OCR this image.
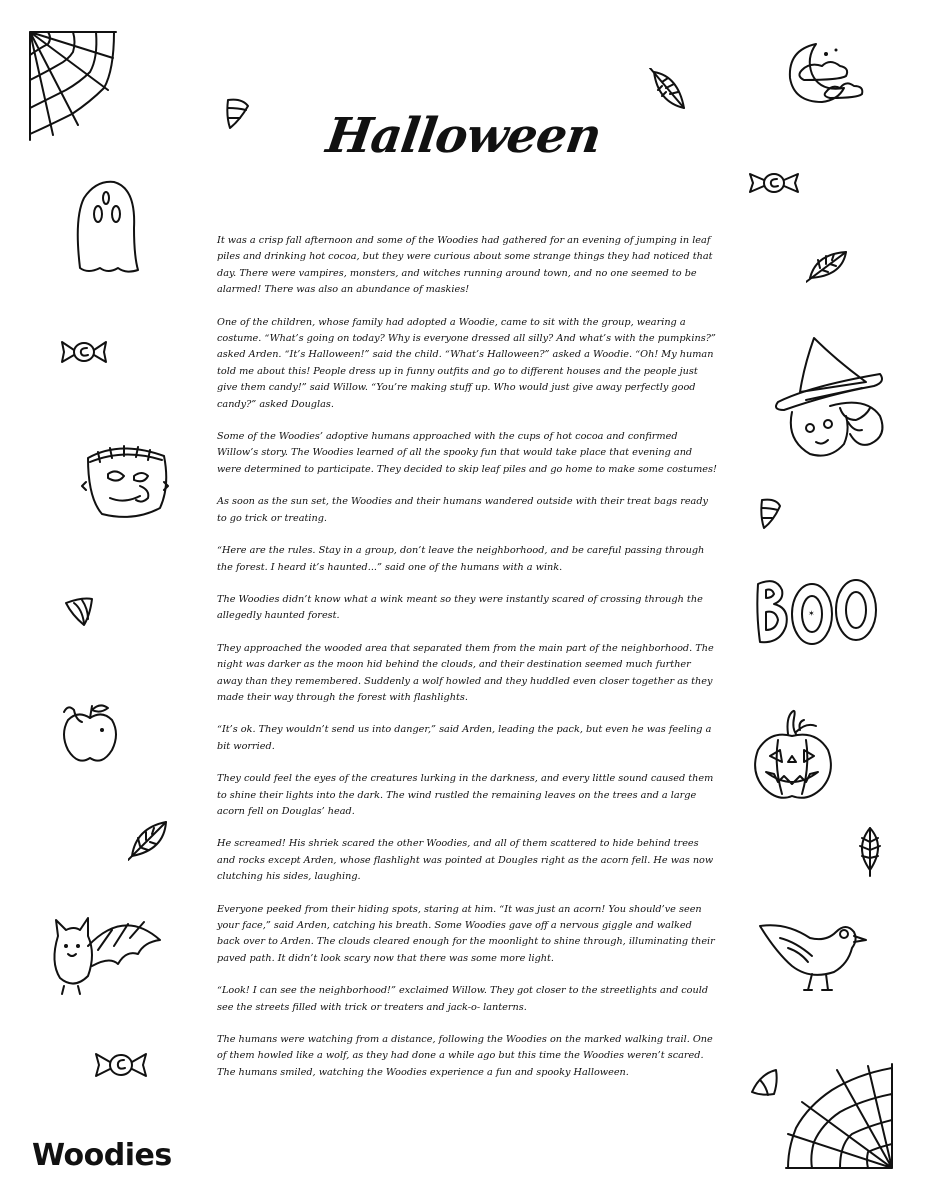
Halloween

It was a crisp fall afternoon and some of the Woodies had gathered for an evening of jumping in leaf piles and drinking hot cocoa, but they were curious about some strange things they had noticed that day. There were vampires, monsters, and witches running around town, and no one seemed to be alarmed! There was also an abundance of maskies!

One of the children, whose family had adopted a Woodie, came to sit with the group, wearing a costume. “What’s going on today? Why is everyone dressed all silly? And what’s with the pumpkins?” asked Arden. “It’s Halloween!” said the child. “What’s Halloween?” asked a Woodie. “Oh! My human told me about this! People dress up in funny outfits and go to different houses and the people just give them candy!” said Willow. “You’re making stuff up. Who would just give away perfectly good candy?” asked Douglas.

Some of the Woodies’ adoptive humans approached with the cups of hot cocoa and confirmed Willow’s story. The Woodies learned of all the spooky fun that would take place that evening and were determined to participate. They decided to skip leaf piles and go home to make some costumes!

As soon as the sun set, the Woodies and their humans wandered outside with their treat bags ready to go trick or treating.

“Here are the rules. Stay in a group, don’t leave the neighborhood, and be careful passing through the forest. I heard it’s haunted...” said one of the humans with a wink.

The Woodies didn’t know what a wink meant so they were instantly scared of crossing through the allegedly haunted forest.

They approached the wooded area that separated them from the main part of the neighborhood. The night was darker as the moon hid behind the clouds, and their destination seemed much further away than they remembered. Suddenly a wolf howled and they huddled even closer together as they made their way through the forest with flashlights.

“It’s ok. They wouldn’t send us into danger,” said Arden, leading the pack, but even he was feeling a bit worried.

They could feel the eyes of the creatures lurking in the darkness, and every little sound caused them to shine their lights into the dark. The wind rustled the remaining leaves on the trees and a large acorn fell on Douglas’ head.

He screamed! His shriek scared the other Woodies, and all of them scattered to hide behind trees and rocks except Arden, whose flashlight was pointed at Dougles right as the acorn fell. He was now clutching his sides, laughing.

Everyone peeked from their hiding spots, staring at him. “It was just an acorn! You should’ve seen your face,” said Arden, catching his breath. Some Woodies gave off a nervous giggle and walked back over to Arden. The clouds cleared enough for the moonlight to shine through, illuminating their paved path. It didn’t look scary now that there was some more light.

“Look! I can see the neighborhood!” exclaimed Willow. They got closer to the streetlights and could see the streets filled with trick or treaters and jack-o- lanterns.

The humans were watching from a distance, following the Woodies on the marked walking trail. One of them howled like a wolf, as they had done a while ago but this time the Woodies weren’t scared. The humans smiled, watching the Woodies experience a fun and spooky Halloween.

Woodies
✶
